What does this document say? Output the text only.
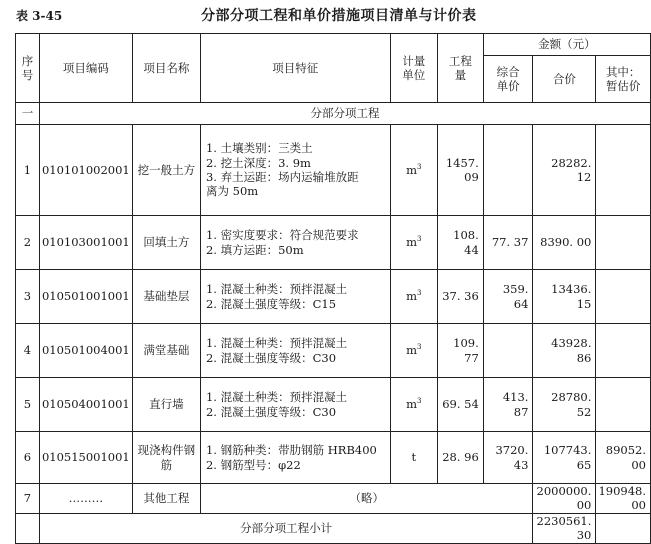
表 3-45	分部分项工程和单价措施项目清单与计价表
序号	项目编码	项目名称	项目特征	计量单位	工程量	金额（元）		
						综合单价	合价	其中：暂估价
一	分部分项工程							
1	010101002001	挖一般土方	1. 土壤类别：三类土
2. 挖土深度：3. 9m
3. 弃土运距：场内运输堆放距
离为 50m	$m^3$	1457. 09		28282. 12	
2	010103001001	回填土方	1. 密实度要求：符合规范要求
2. 填方运距：50m	$m^3$	108. 44	77. 37	8390. 00	
3	010501001001	基础垫层	1. 混凝土种类：预拌混凝土
2. 混凝土强度等级：C15	$m^3$	37. 36	359. 64	13436. 15	
4	010501004001	满堂基础	1. 混凝土种类：预拌混凝土
2. 混凝土强度等级：C30	$m^3$	109. 77		43928. 86	
5	010504001001	直行墙	1. 混凝土种类：预拌混凝土
2. 混凝土强度等级：C30	$m^3$	69. 54	413. 87	28780. 52	
6	010515001001	现浇构件钢筋	1. 钢筋种类：带肋钢筋 HRB400
2. 钢筋型号：φ22	t	28. 96	3720. 43	107743. 65	89052. 00
7	………	其他工程	（略）				2000000. 00	190948. 00
	分部分项工程小计						2230561. 30	
